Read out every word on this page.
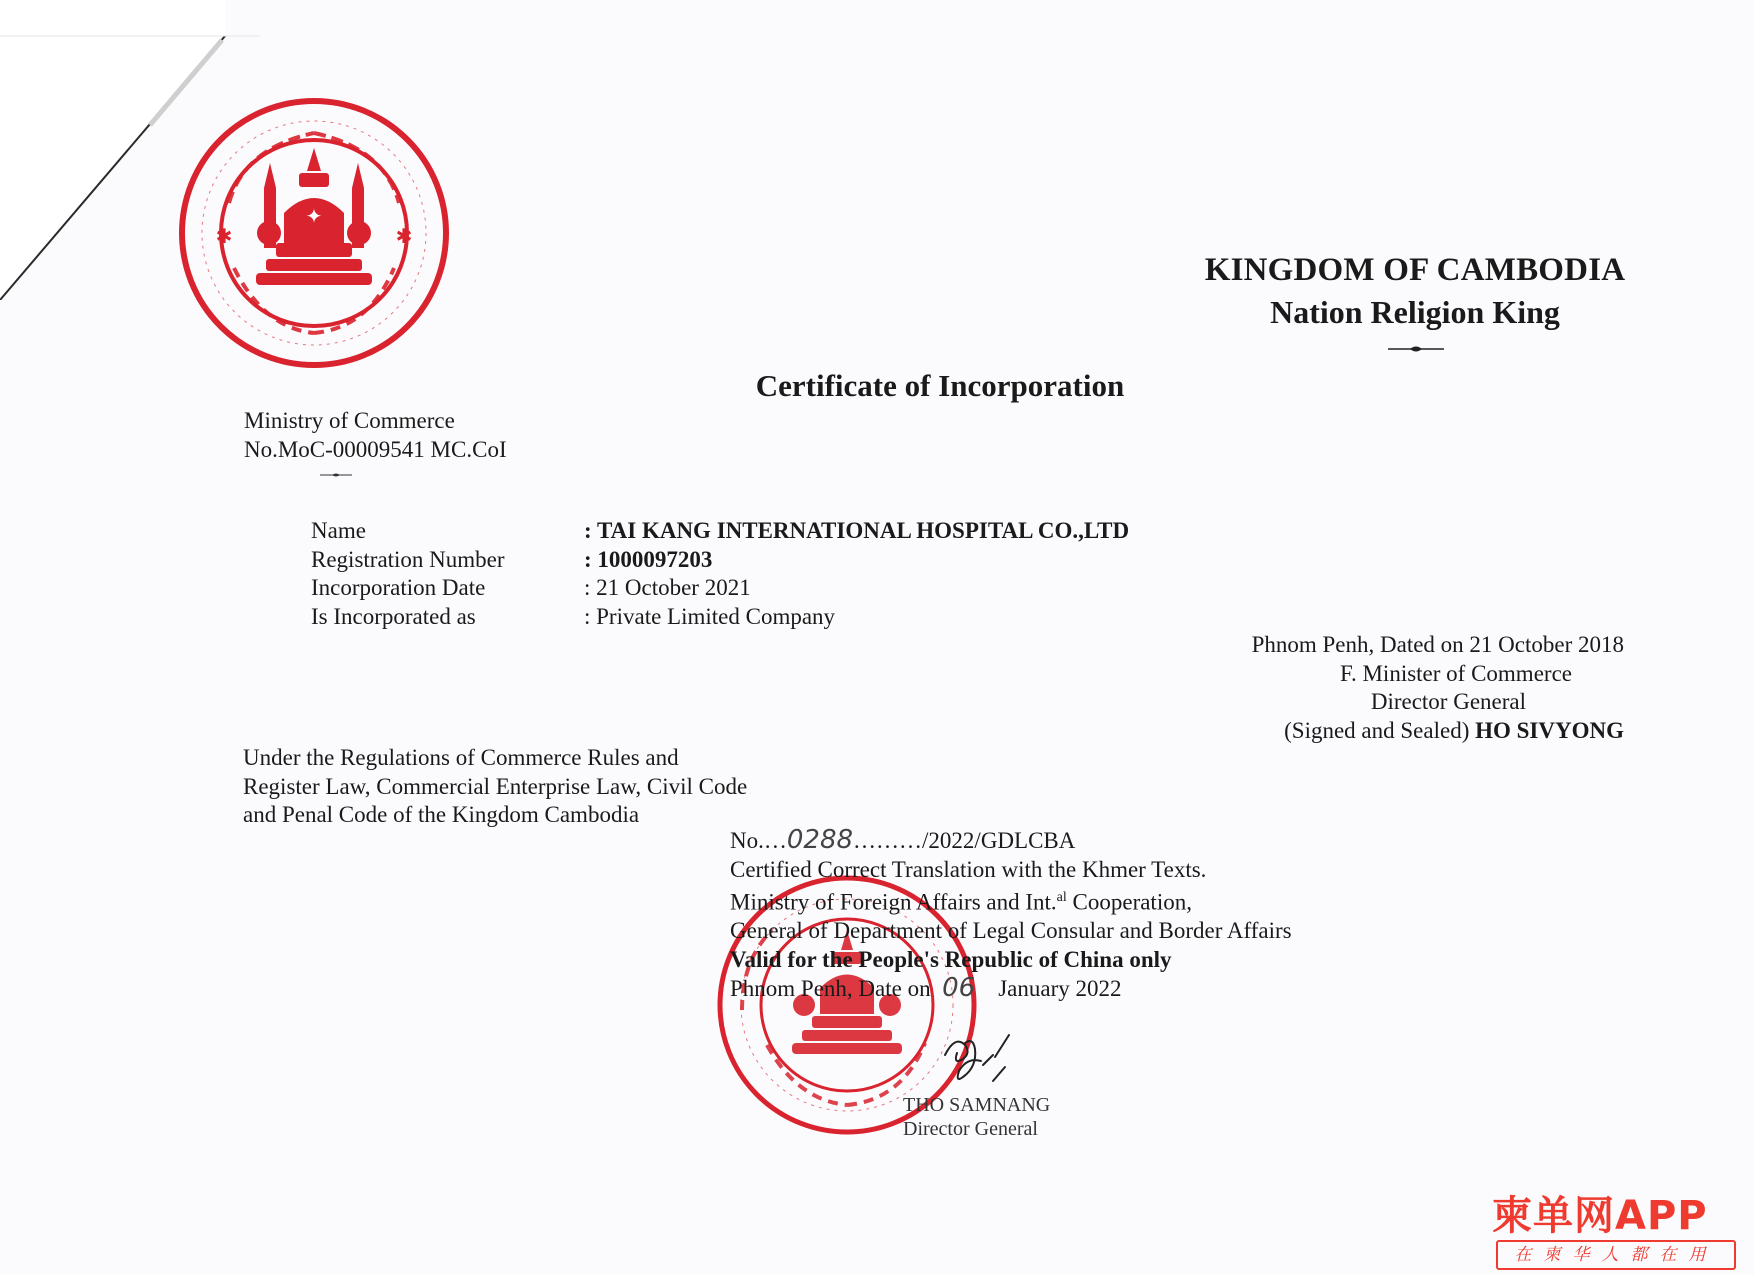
✦
✱	✱
KINGDOM OF CAMBODIA
Nation Religion King
Certificate of Incorporation
Ministry of Commerce
No.MoC-00009541 MC.CoI
Name	: TAI KANG INTERNATIONAL HOSPITAL CO.,LTD
Registration Number	: 1000097203
Incorporation Date	: 21 October 2021
Is Incorporated as	: Private Limited Company
Phnom Penh, Dated on 21 October 2018
F. Minister of Commerce
Director General
(Signed and Sealed) HO SIVYONG
Under the Regulations of Commerce Rules and
Register Law, Commercial Enterprise Law, Civil Code
and Penal Code of the Kingdom Cambodia
No.…0288………/2022/GDLCBA
Certified Correct Translation with the Khmer Texts.
Ministry of Foreign Affairs and Int.$^{al}$ Cooperation,
General of Department of Legal Consular and Border Affairs
Valid for the People's Republic of China only
Phnom Penh, Date on 06 January 2022
THO SAMNANG
Director General
柬单网APP
在柬华人都在用
